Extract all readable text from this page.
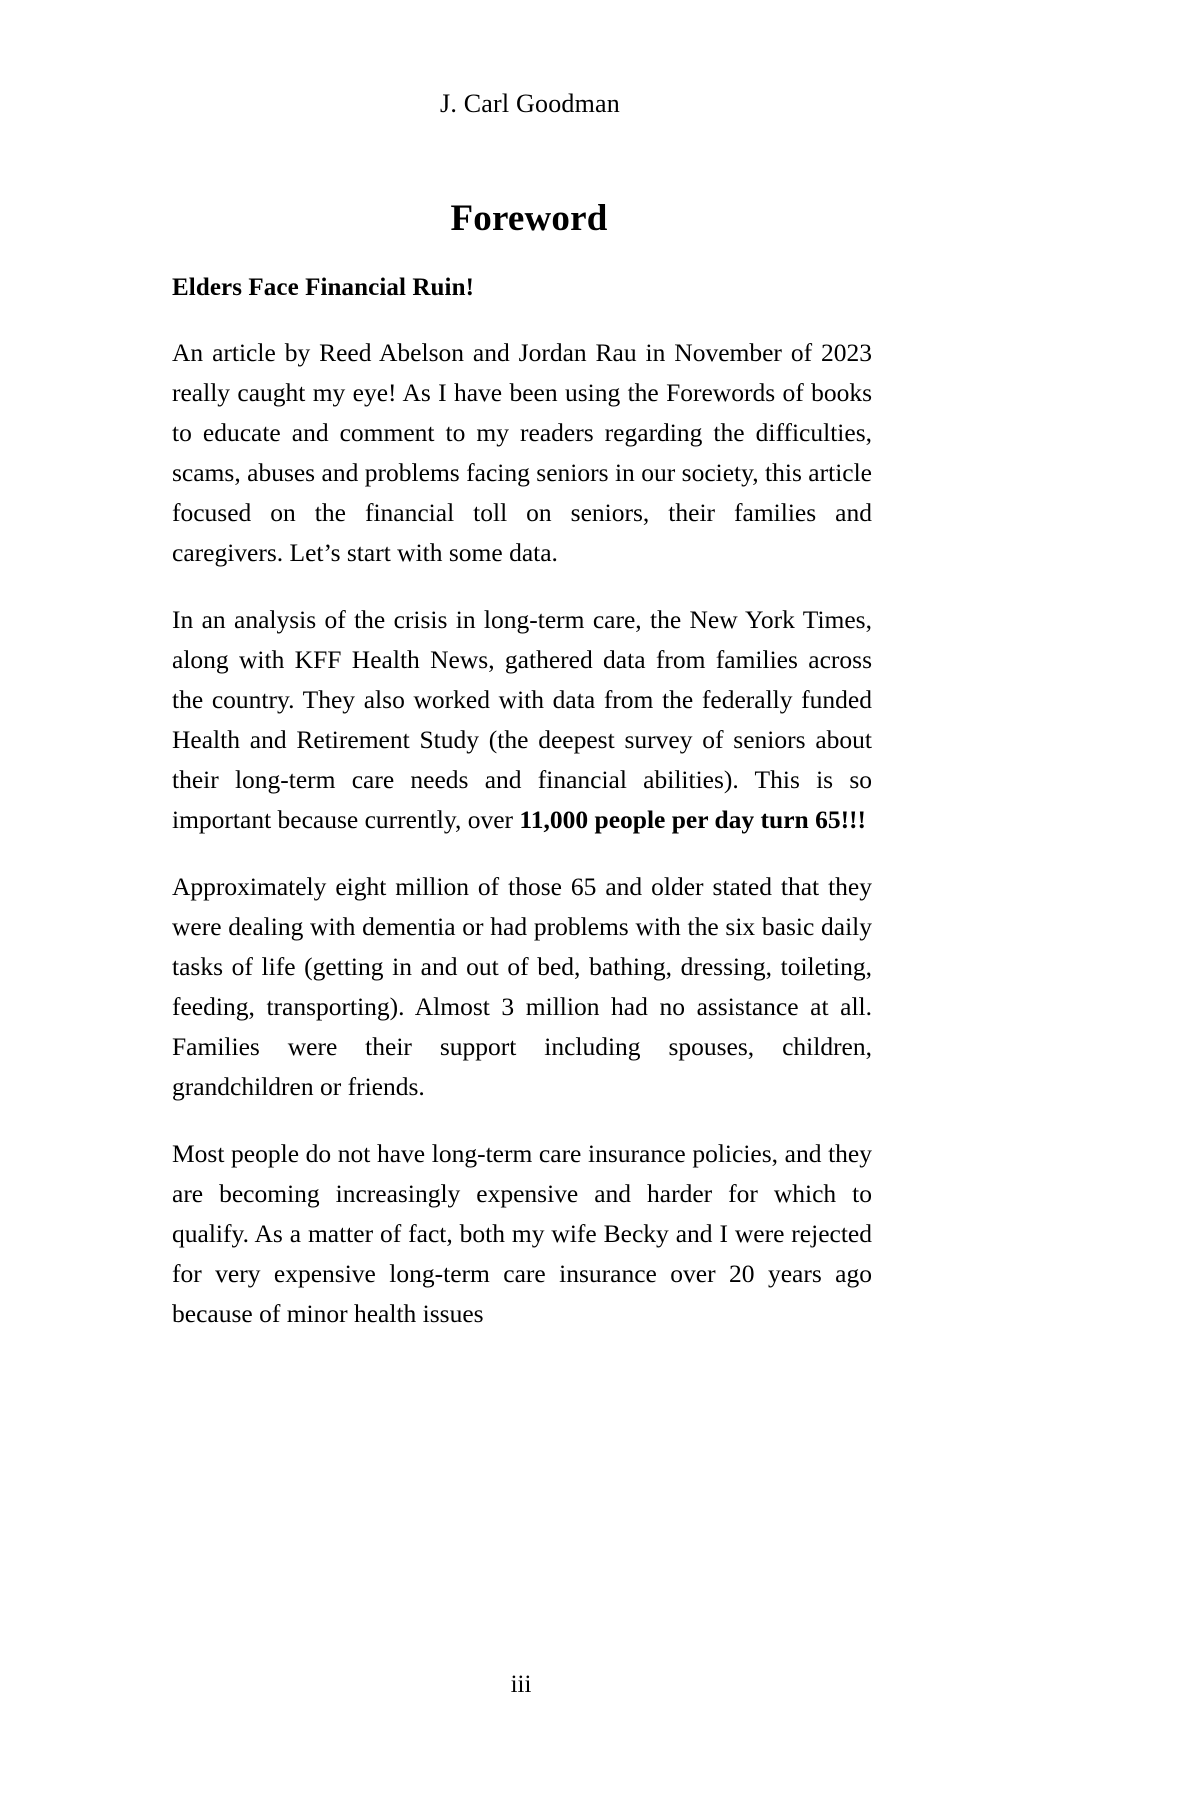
J. Carl Goodman
Foreword
Elders Face Financial Ruin!

An article by Reed Abelson and Jordan Rau in November of 2023 really caught my eye! As I have been using the Forewords of books to educate and comment to my readers regarding the difficulties, scams, abuses and problems facing seniors in our society, this article focused on the financial toll on seniors, their families and caregivers. Let’s start with some data.

In an analysis of the crisis in long-term care, the New York Times, along with KFF Health News, gathered data from families across the country. They also worked with data from the federally funded Health and Retirement Study (the deepest survey of seniors about their long-term care needs and financial abilities). This is so important because currently, over 11,000 people per day turn 65!!!

Approximately eight million of those 65 and older stated that they were dealing with dementia or had problems with the six basic daily tasks of life (getting in and out of bed, bathing, dressing, toileting, feeding, transporting). Almost 3 million had no assistance at all. Families were their support including spouses, children, grandchildren or friends.

Most people do not have long-term care insurance policies, and they are becoming increasingly expensive and harder for which to qualify. As a matter of fact, both my wife Becky and I were rejected for very expensive long-term care insurance over 20 years ago because of minor health issues

iii
